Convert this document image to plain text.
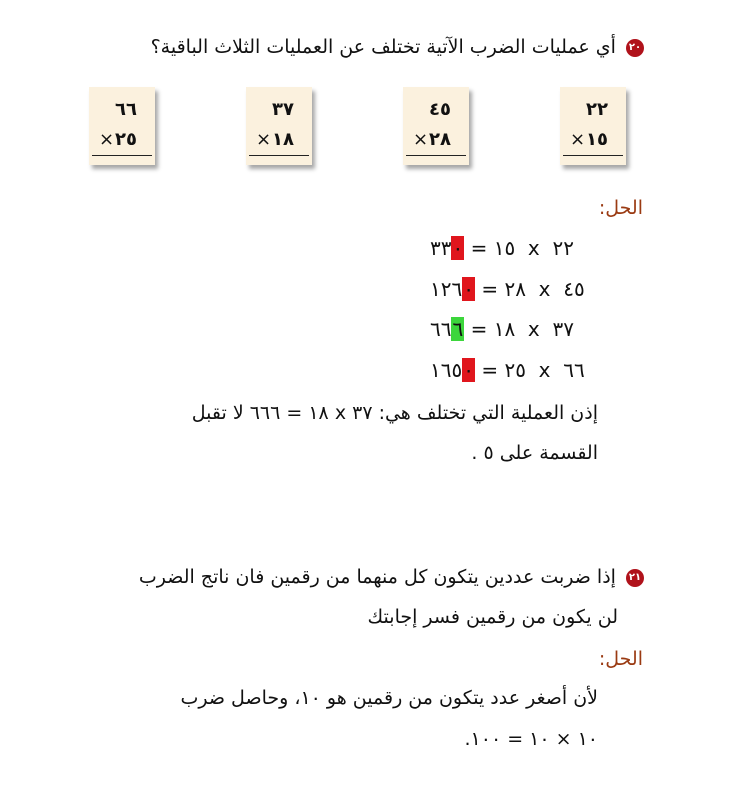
٢٠ أي عمليات الضرب الآتية تختلف عن العمليات الثلاث الباقية؟
٦٦
× ٢٥
٣٧
× ١٨
٤٥
× ٢٨
٢٢
× ١٥
الحل:
٣٣٠ = ١٥ x ٢٢
١٢٦٠ = ٢٨ x ٤٥
٦٦٦ = ١٨ x ٣٧
١٦٥٠ = ٢٥ x ٦٦
إذن العملية التي تختلف هي: ٣٧ x ١٨ = ٦٦٦ لا تقبل
القسمة على ٥ .
٢١ إذا ضربت عددين يتكون كل منهما من رقمين فان ناتج الضرب
لن يكون من رقمين فسر إجابتك
الحل:
لأن أصغر عدد يتكون من رقمين هو ١٠، وحاصل ضرب
١٠ × ١٠ = ١٠٠.
